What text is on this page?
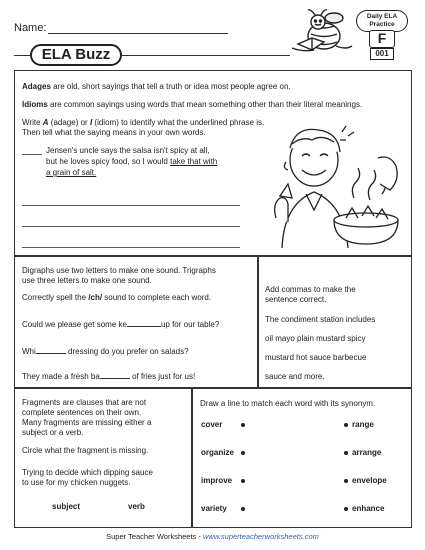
Name:
ELA Buzz
Daily ELA Practice
F
001
Adages are old, short sayings that tell a truth or idea most people agree on.
Idioms are common sayings using words that mean something other than their literal meanings.
Write A (adage) or I (idiom) to identify what the underlined phrase is.
Then tell what the saying means in your own words.
Jensen's uncle says the salsa isn't spicy at all,
but he loves spicy food, so I would take that with
a grain of salt.
Digraphs use two letters to make one sound. Trigraphs
use three letters to make one sound.
Correctly spell the /ch/ sound to complete each word.
Could we please get some ke	up for our table?
Whi	dressing do you prefer on salads?
They made a fresh ba	of fries just for us!
Add commas to make the
sentence correct.
The condiment station includes
oil mayo plain mustard spicy
mustard hot sauce barbecue
sauce and more.
Fragments are clauses that are not
complete sentences on their own.
Many fragments are missing either a
subject or a verb.
Circle what the fragment is missing.
Trying to decide which dipping sauce
to use for my chicken nuggets.
subject	verb
Draw a line to match each word with its synonym.
cover
organize
improve
variety
range
arrange
envelope
enhance
Super Teacher Worksheets - www.superteacherworksheets.com
